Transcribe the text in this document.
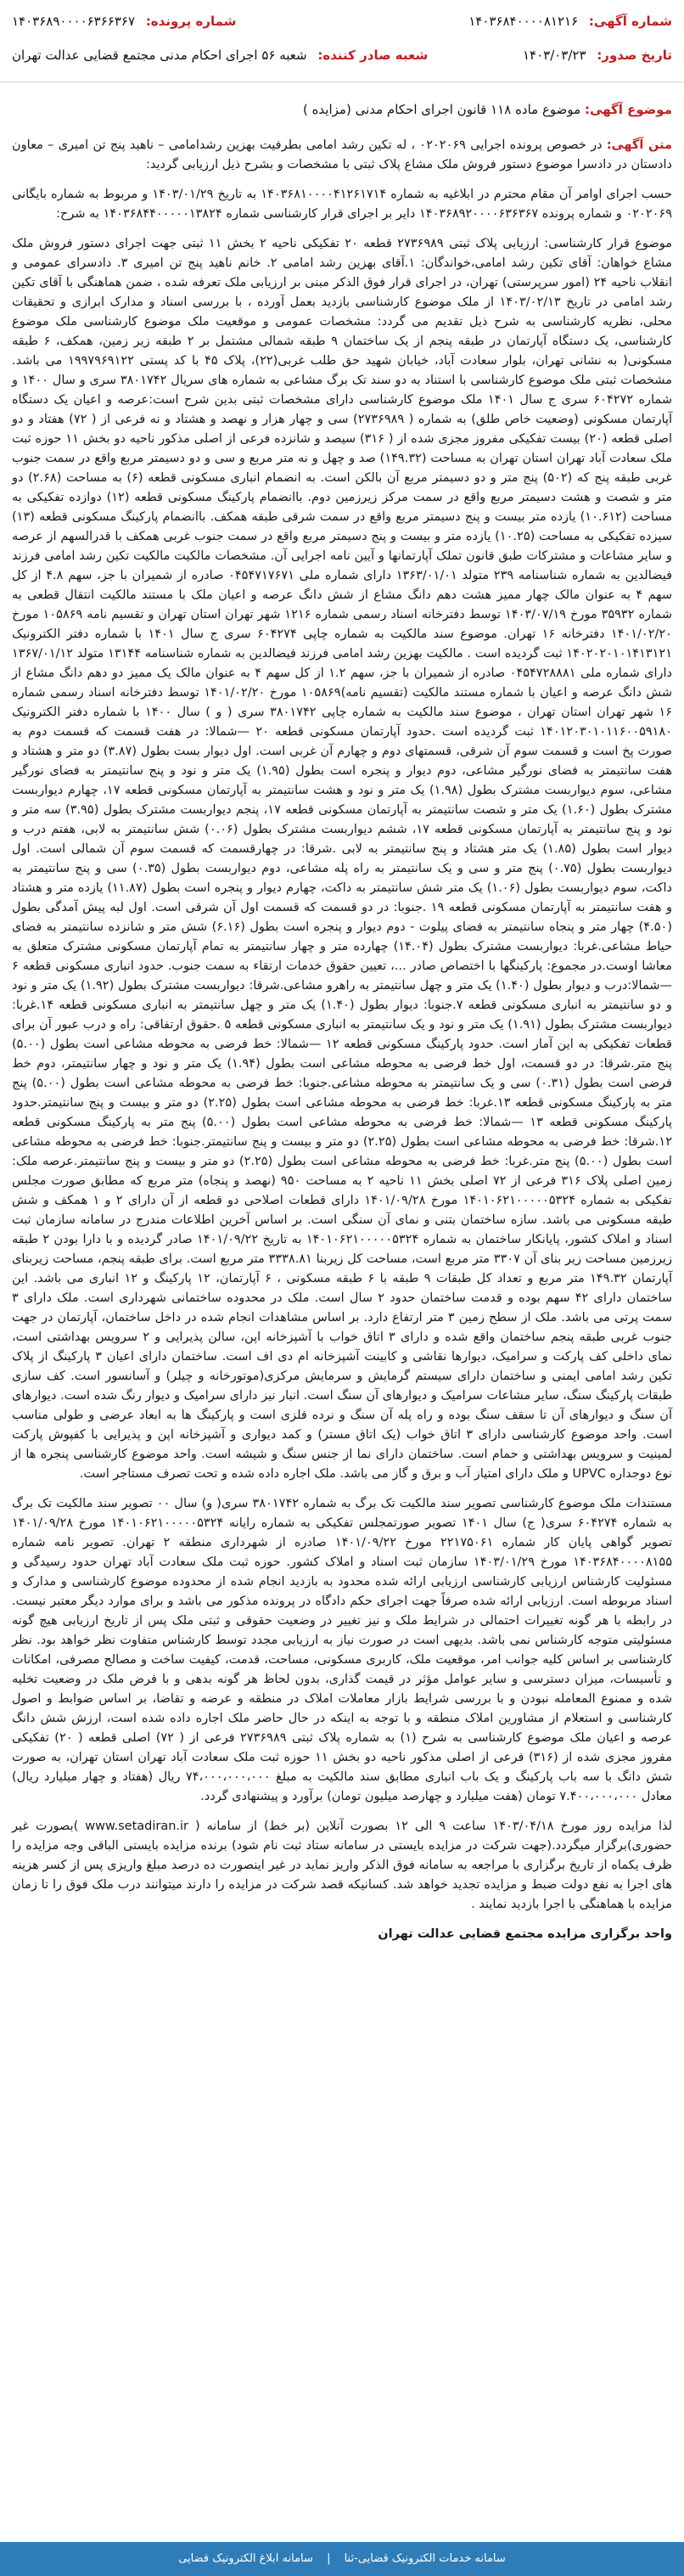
شماره آگهی: ۱۴۰۳۶۸۴۰۰۰۰۸۱۲۱۶
شماره پرونده: ۱۴۰۳۶۸۹۰۰۰۰۶۳۶۶۳۶۷
تاریخ صدور: ۱۴۰۳/۰۳/۲۳
شعبه صادر کننده: شعبه ۵۶ اجرای احکام مدنی مجتمع قضایی عدالت تهران
موضوع آگهی: موضوع ماده ۱۱۸ قانون اجرای احکام مدنی (مزایده )

متن آگهی: در خصوص پرونده اجرایی ۰۲۰۲۰۶۹ ، له تکین رشد امامی بطرفیت بهزین رشدامامی – ناهید پنج تن امیری – معاون دادستان در دادسرا موضوع دستور فروش ملک مشاع پلاک ثبتی با مشخصات و بشرح ذیل ارزیابی گردید:

حسب اجرای اوامر آن مقام محترم در ابلاغیه به شماره ۱۴۰۳۶۸۱۰۰۰۰۴۱۲۶۱۷۱۴ به تاریخ ۱۴۰۳/۰۱/۲۹ و مربوط به شماره بایگانی ۰۲۰۲۰۶۹ و شماره پرونده ۱۴۰۳۶۸۹۲۰۰۰۰۶۳۶۳۶۷ دایر بر اجرای قرار کارشناسی شماره ۱۴۰۳۶۸۴۴۰۰۰۰۰۱۳۸۲۴ به شرح:

موضوع قرار کارشناسی: ارزیابی پلاک ثبتی ۲۷۳۶۹۸۹ قطعه ۲۰ تفکیکی ناحیه ۲ بخش ۱۱ ثبتی جهت اجرای دستور فروش ملک مشاع خواهان: آقای تکین رشد امامی،خواندگان: ۱.آقای بهزین رشد امامی ۲. خانم ناهید پنج تن امیری ۳. دادسرای عمومی و انقلاب ناحیه ۲۴ (امور سرپرستی) تهران، در اجرای قرار فوق الذکر مبنی بر ارزیابی ملک تعرفه شده ، ضمن هماهنگی با آقای تکین رشد امامی در تاریخ ۱۴۰۳/۰۲/۱۳ از ملک موضوع کارشناسی بازدید بعمل آورده ، با بررسی اسناد و مدارک ابرازی و تحقیقات محلی، نظریه کارشناسی به شرح ذیل تقدیم می گردد: مشخصات عمومی و موقعیت ملک موضوع کارشناسی ملک موضوع کارشناسی، یک دستگاه آپارتمان در طبقه پنجم از یک ساختمان ۹ طبقه شمالی مشتمل بر ۲ طبقه زیر زمین، همکف، ۶ طبقه مسکونی( به نشانی تهران، بلوار سعادت آباد، خیابان شهید حق طلب غربی(۲۲)، پلاک ۴۵ با کد پستی ۱۹۹۷۹۶۹۱۲۲ می باشد. مشخصات ثبتی ملک موضوع کارشناسی با استناد به دو سند تک برگ مشاعی به شماره های سریال ۳۸۰۱۷۴۲ سری و سال ۱۴۰۰ و شماره ۶۰۴۲۷۲ سری ج سال ۱۴۰۱ ملک موضوع کارشناسی دارای مشخصات ثبتی بدین شرح است:عرصه و اعیان یک دستگاه آپارتمان مسکونی (وضعیت خاص طلق) به شماره ( ۲۷۳۶۹۸۹) سی و چهار هزار و نهصد و هشتاد و نه فرعی از ( ۷۲) هفتاد و دو اصلی قطعه (۲۰) بیست تفکیکی مفروز مجزی شده از ( ۳۱۶) سیصد و شانزده فرعی از اصلی مذکور ناحیه دو بخش ۱۱ حوزه ثبت ملک سعادت آباد تهران استان تهران به مساحت (۱۴۹.۳۲) صد و چهل و نه متر مربع و سی و دو دسیمتر مربع واقع در سمت جنوب غربی طبقه پنج که (۵۰۲) پنج متر و دو دسیمتر مربع آن بالکن است. به انضمام انباری مسکونی قطعه (۶) به مساحت (۲.۶۸) دو متر و شصت و هشت دسیمتر مربع واقع در سمت مرکز زیرزمین دوم. باانضمام پارکینگ مسکونی قطعه (۱۲) دوازده تفکیکی به مساحت (۱۰.۶۱۲) یازده متر بیست و پنج دسیمتر مربع واقع در سمت شرقی طبقه همکف. باانضمام پارکینگ مسکونی قطعه (۱۳) سیزده تفکیکی به مساحت (۱۰.۲۵) یازده متر و بیست و پنج دسیمتر مربع واقع در سمت جنوب غربی همکف با قدرالسهم از عرصه و سایر مشاعات و مشترکات طبق قانون تملک آپارتمانها و آیین نامه اجرایی آن. مشخصات مالکیت مالکیت تکین رشد امامی فرزند فیضالدین به شماره شناسنامه ۲۳۹ متولد ۱۳۶۳/۰۱/۰۱ دارای شماره ملی ۰۴۵۴۷۱۷۶۷۱ صادره از شمیران با جز، سهم ۴.۸ از کل سهم ۴ به عنوان مالک چهار ممیز هشت دهم دانگ مشاع از شش دانگ عرصه و اعیان ملک با مستند مالکیت انتقال قطعی به شماره ۳۵۹۳۲ مورخ ۱۴۰۳/۰۷/۱۹ توسط دفترخانه اسناد رسمی شماره ۱۲۱۶ شهر تهران استان تهران و تقسیم نامه ۱۰۵۸۶۹ مورخ ۱۴۰۱/۰۲/۲۰ دفترخانه ۱۶ تهران. موضوع سند مالکیت به شماره چاپی ۶۰۴۲۷۴ سری ج سال ۱۴۰۱ با شماره دفتر الکترونیک ۱۴۰۲۰۲۰۱۰۱۴۱۳۱۲۱ ثبت گردیده است . مالکیت بهزین رشد امامی فرزند فیضالدین به شماره شناسنامه ۱۳۱۴۴ متولد ۱۳۶۷/۰۱/۱۲ دارای شماره ملی ۰۴۵۴۷۲۸۸۸۱ صادره از شمیران با جز، سهم ۱.۲ از کل سهم ۴ به عنوان مالک یک ممیز دو دهم دانگ مشاع از شش دانگ عرصه و اعیان با شماره مستند مالکیت (تقسیم نامه)۱۰۵۸۶۹ مورخ ۱۴۰۱/۰۲/۲۰ توسط دفترخانه اسناد رسمی شماره ۱۶ شهر تهران استان تهران ، موضوع سند مالکیت به شماره چاپی ۳۸۰۱۷۴۲ سری ( و ) سال ۱۴۰۰ با شماره دفتر الکترونیک ۱۴۰۱۲۰۳۰۱۰۱۱۶۰۰۵۹۱۸۰ ثبت گردیده است .حدود آپارتمان مسکونی قطعه ۲۰ —شمالا: در هفت قسمت که قسمت دوم به صورت پخ است و قسمت سوم آن شرقی، قسمتهای دوم و چهارم آن غربی است. اول دیوار بست بطول (۳.۸۷) دو متر و هشتاد و هفت سانتیمتر به فضای نورگیر مشاعی، دوم دیوار و پنجره است بطول (۱.۹۵) یک متر و نود و پنج سانتیمتر به فضای نورگیر مشاعی، سوم دیواربست مشترک بطول (۱.۹۸) یک متر و نود و هشت سانتیمتر به آپارتمان مسکونی قطعه ۱۷، چهارم دیواربست مشترک بطول (۱.۶۰) یک متر و شصت سانتیمتر به آپارتمان مسکونی قطعه ۱۷، پنجم دیواربست مشترک بطول (۳.۹۵) سه متر و نود و پنج سانتیمتر به آپارتمان مسکونی قطعه ۱۷، ششم دیواربست مشترک بطول (۰.۰۶) شش سانتیمتر به لابی، هفتم درب و دیوار است بطول (۱.۸۵) یک متر هشتاد و پنج سانتیمتر به لابی .شرقا: در چهارقسمت که قسمت سوم آن شمالی است. اول دیواربست بطول (۰.۷۵) پنج متر و سی و یک سانتیمتر به راه پله مشاعی، دوم دیواربست بطول (۰.۳۵) سی و پنج سانتیمتر به داکت، سوم دیواربست بطول (۱.۰۶) یک متر شش سانتیمتر به داکت، چهارم دیوار و پنجره است بطول (۱۱.۸۷) یازده متر و هشتاد و هفت سانتیمتر به آپارتمان مسکونی قطعه ۱۹ .جنوبا: در دو قسمت که قسمت اول آن شرقی است. اول لبه پیش آمدگی بطول (۴.۵۰) چهار متر و پنجاه سانتیمتر به فضای پیلوت - دوم دیوار و پنجره است بطول (۶.۱۶) شش متر و شانزده سانتیمتر به فضای حیاط مشاعی.غربا: دیواربست مشترک بطول (۱۴.۰۴) چهارده متر و چهار سانتیمتر به تمام آپارتمان مسکونی مشترک متعلق به معاشا اوست.در مجموع: پارکینگها با اختصاص صادر ...، تعیین حقوق خدمات ارتقاء به سمت جنوب. حدود انباری مسکونی قطعه ۶ —شمالا:درب و دیوار بطول (۱.۴۰) یک متر و چهل سانتیمتر به راهرو مشاعی.شرقا: دیواربست مشترک بطول (۱.۹۲) یک متر و نود و دو سانتیمتر به انباری مسکونی قطعه ۷.جنوبا: دیوار بطول (۱.۴۰) یک متر و چهل سانتیمتر به انباری مسکونی قطعه ۱۴.غربا: دیواربست مشترک بطول (۱.۹۱) یک متر و نود و یک سانتیمتر به انباری مسکونی قطعه ۵ .حقوق ارتفاقی: راه و درب عبور آن برای قطعات تفکیکی به این آمار است. حدود پارکینگ مسکونی قطعه ۱۲ —شمالا: خط فرضی به محوطه مشاعی است بطول (۵.۰۰) پنج متر.شرقا: در دو قسمت، اول خط فرضی به محوطه مشاعی است بطول (۱.۹۴) یک متر و نود و چهار سانتیمتر، دوم خط فرضی است بطول (۰.۳۱) سی و یک سانتیمتر به محوطه مشاعی.جنوبا: خط فرضی به محوطه مشاعی است بطول (۵.۰۰) پنج متر به پارکینگ مسکونی قطعه ۱۳.غربا: خط فرضی به محوطه مشاعی است بطول (۲.۲۵) دو متر و بیست و پنج سانتیمتر.حدود پارکینگ مسکونی قطعه ۱۳ —شمالا: خط فرضی به محوطه مشاعی است بطول (۵.۰۰) پنج متر به پارکینگ مسکونی قطعه ۱۲.شرقا: خط فرضی به محوطه مشاعی است بطول (۲.۲۵) دو متر و بیست و پنج سانتیمتر.جنوبا: خط فرضی به محوطه مشاعی است بطول (۵.۰۰) پنج متر.غربا: خط فرضی به محوطه مشاعی است بطول (۲.۲۵) دو متر و بیست و پنج سانتیمتر.عرصه ملک: زمین اصلی پلاک ۳۱۶ فرعی از ۷۲ اصلی بخش ۱۱ ناحیه ۲ به مساحت ۹۵۰ (نهصد و پنجاه) متر مربع که مطابق صورت مجلس تفکیکی به شماره ۱۴۰۱۰۶۲۱۰۰۰۰۰۵۳۲۴ مورخ ۱۴۰۱/۰۹/۲۸ دارای قطعات اصلاحی دو قطعه از آن دارای ۲ و ۱ همکف و شش طبقه مسکونی می باشد. سازه ساختمان بتنی و نمای آن سنگی است. بر اساس آخرین اطلاعات مندرج در سامانه سازمان ثبت اسناد و املاک کشور، پایانکار ساختمان به شماره ۱۴۰۱۰۶۲۱۰۰۰۰۰۵۳۲۴ به تاریخ ۱۴۰۱/۰۹/۲۲ صادر گردیده و با دارا بودن ۲ طبقه زیرزمین مساحت زیر بنای آن ۳۳۰۷ متر مربع است، مساحت کل زیربنا ۳۳۳۸.۸۱ متر مربع است. برای طبقه پنجم، مساحت زیربنای آپارتمان ۱۴۹.۳۲ متر مربع و تعداد کل طبقات ۹ طبقه با ۶ طبقه مسکونی ، ۶ آپارتمان، ۱۲ پارکینگ و ۱۲ انباری می باشد. این ساختمان دارای ۴۲ سهم بوده و قدمت ساختمان حدود ۲ سال است. ملک در محدوده ساختمانی شهرداری است. ملک دارای ۳ سمت پرتی می باشد. ملک از سطح زمین ۳ متر ارتفاع دارد. بر اساس مشاهدات انجام شده در داخل ساختمان، آپارتمان در جهت جنوب غربی طبقه پنجم ساختمان واقع شده و دارای ۳ اتاق خواب با آشپزخانه اپن، سالن پذیرایی و ۲ سرویس بهداشتی است، نمای داخلی کف پارکت و سرامیک، دیوارها نقاشی و کابینت آشپزخانه ام دی اف است. ساختمان دارای اعیان ۳ پارکینگ از پلاک تکین رشد امامی ایمنی و ساختمان دارای سیستم گرمایش و سرمایش مرکزی(موتورخانه و چیلر) و آسانسور است. کف سازی طبقات پارکینگ سنگ، سایر مشاعات سرامیک و دیوارهای آن سنگ است. انبار نیز دارای سرامیک و دیوار رنگ شده است. دیوارهای آن سنگ و دیوارهای آن تا سقف سنگ بوده و راه پله آن سنگ و نرده فلزی است و پارکینگ ها به ابعاد عرضی و طولی مناسب است. واحد موضوع کارشناسی دارای ۳ اتاق خواب (یک اتاق مستر) و کمد دیواری و آشپزخانه اپن و پذیرایی با کفپوش پارکت لمینیت و سرویس بهداشتی و حمام است. ساختمان دارای نما از جنس سنگ و شیشه است. واحد موضوع کارشناسی پنجره ها از نوع دوجداره UPVC و ملک دارای امتیاز آب و برق و گاز می باشد. ملک اجاره داده شده و تحت تصرف مستاجر است.

مستندات ملک موضوع کارشناسی تصویر سند مالکیت تک برگ به شماره ۳۸۰۱۷۴۲ سری( و) سال ۰۰ تصویر سند مالکیت تک برگ به شماره ۶۰۴۲۷۴ سری( ج) سال ۱۴۰۱ تصویر صورتمجلس تفکیکی به شماره رایانه ۱۴۰۱۰۶۲۱۰۰۰۰۰۵۳۲۴ مورخ ۱۴۰۱/۰۹/۲۸ تصویر گواهی پایان کار شماره ۲۲۱۷۵۰۶۱ مورخ ۱۴۰۱/۰۹/۲۲ صادره از شهرداری منطقه ۲ تهران. تصویر نامه شماره ۱۴۰۳۶۸۴۰۰۰۰۸۱۵۵ مورخ ۱۴۰۳/۰۱/۲۹ سازمان ثبت اسناد و املاک کشور. حوزه ثبت ملک سعادت آباد تهران حدود رسیدگی و مسئولیت کارشناس ارزیابی کارشناسی ارزیابی ارائه شده محدود به بازدید انجام شده از محدوده موضوع کارشناسی و مدارک و اسناد مربوطه است. ارزیابی ارائه شده صرفاً جهت اجرای حکم دادگاه در پرونده مذکور می باشد و برای موارد دیگر معتبر نیست. در رابطه با هر گونه تغییرات احتمالی در شرایط ملک و نیز تغییر در وضعیت حقوقی و ثبتی ملک پس از تاریخ ارزیابی هیچ گونه مسئولیتی متوجه کارشناس نمی باشد. بدیهی است در صورت نیاز به ارزیابی مجدد توسط کارشناس متفاوت نظر خواهد بود. نظر کارشناسی بر اساس کلیه جوانب امر، موقعیت ملک، کاربری مسکونی، مساحت، قدمت، کیفیت ساخت و مصالح مصرفی، امکانات و تأسیسات، میزان دسترسی و سایر عوامل مؤثر در قیمت گذاری، بدون لحاظ هر گونه بدهی و با فرض ملک در وضعیت تخلیه شده و ممنوع المعامله نبودن و با بررسی شرایط بازار معاملات املاک در منطقه و عرضه و تقاضا، بر اساس ضوابط و اصول کارشناسی و استعلام از مشاورین املاک منطقه و با توجه به اینکه در حال حاضر ملک اجاره داده شده است، ارزش شش دانگ عرصه و اعیان ملک موضوع کارشناسی به شرح (۱) به شماره پلاک ثبتی ۲۷۳۶۹۸۹ فرعی از ( ۷۲) اصلی قطعه ( ۲۰) تفکیکی مفروز مجزی شده از (۳۱۶) فرعی از اصلی مذکور ناحیه دو بخش ۱۱ حوزه ثبت ملک سعادت آباد تهران استان تهران، به صورت شش دانگ با سه باب پارکینگ و یک باب انباری مطابق سند مالکیت به مبلغ ۷۴،۰۰۰،۰۰۰،۰۰۰ ریال (هفتاد و چهار میلیارد ریال) معادل ۷.۴۰۰،۰۰۰،۰۰۰ تومان (هفت میلیارد و چهارصد میلیون تومان) برآورد و پیشنهادی گردد.

لذا مزایده روز مورخ ۱۴۰۳/۰۴/۱۸ ساعت ۹ الی ۱۲ بصورت آنلاین (بر خط) از سامانه ( www.setadiran.ir )بصورت غیر حضوری)برگزار میگردد.(جهت شرکت در مزایده بایستی در سامانه ستاد ثبت نام شود) برنده مزایده بایستی الباقی وجه مزایده را ظرف یکماه از تاریخ برگزاری با مراجعه به سامانه فوق الذکر واریز نماید در غیر اینصورت ده درصد مبلغ واریزی پس از کسر هزینه های اجرا به نفع دولت ضبط و مزایده تجدید خواهد شد. کسانیکه قصد شرکت در مزایده را دارند میتوانند درب ملک فوق را تا زمان مزایده با هماهنگی با اجرا بازدید نمایند .

واحد برگزاری مزایده مجتمع قضایی عدالت تهران

سامانه خدمات الکترونیک قضایی-ثنا | سامانه ابلاغ الکترونیک قضایی
